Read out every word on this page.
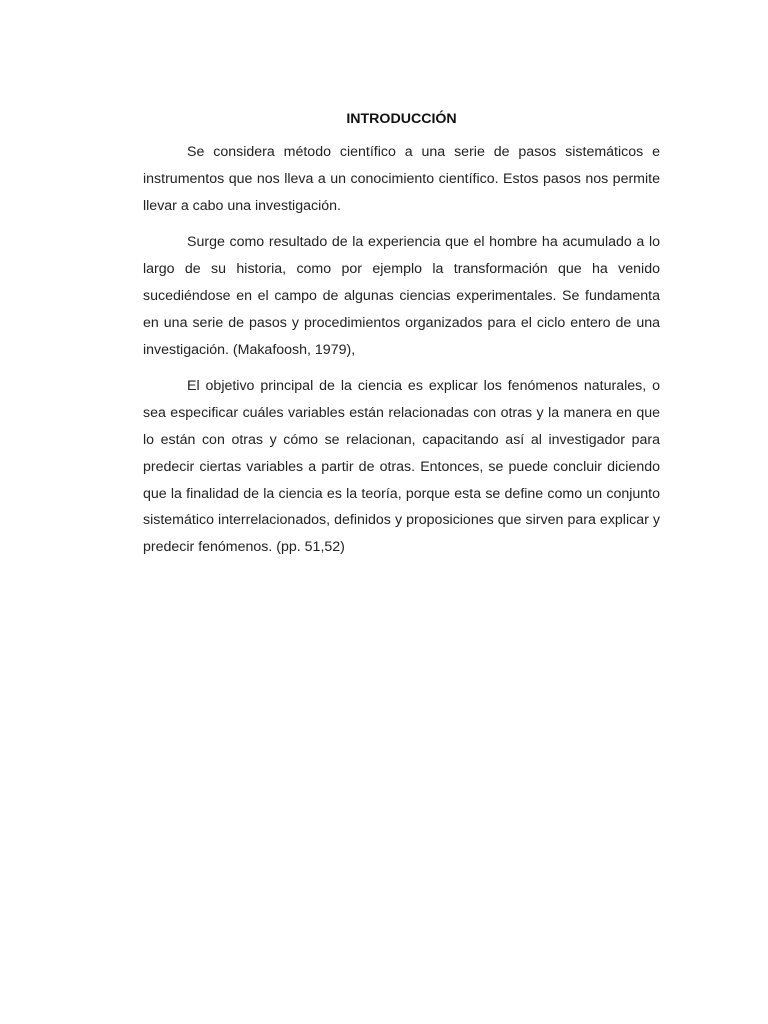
INTRODUCCIÓN

Se considera método científico a una serie de pasos sistemáticos e instrumentos que nos lleva a un conocimiento científico. Estos pasos nos permite llevar a cabo una investigación.

Surge como resultado de la experiencia que el hombre ha acumulado a lo largo de su historia, como por ejemplo la transformación que ha venido sucediéndose en el campo de algunas ciencias experimentales. Se fundamenta en una serie de pasos y procedimientos organizados para el ciclo entero de una investigación. (Makafoosh, 1979),

El objetivo principal de la ciencia es explicar los fenómenos naturales, o sea especificar cuáles variables están relacionadas con otras y la manera en que lo están con otras y cómo se relacionan, capacitando así al investigador para predecir ciertas variables a partir de otras. Entonces, se puede concluir diciendo que la finalidad de la ciencia es la teoría, porque esta se define como un conjunto sistemático interrelacionados, definidos y proposiciones que sirven para explicar y predecir fenómenos. (pp. 51,52)
